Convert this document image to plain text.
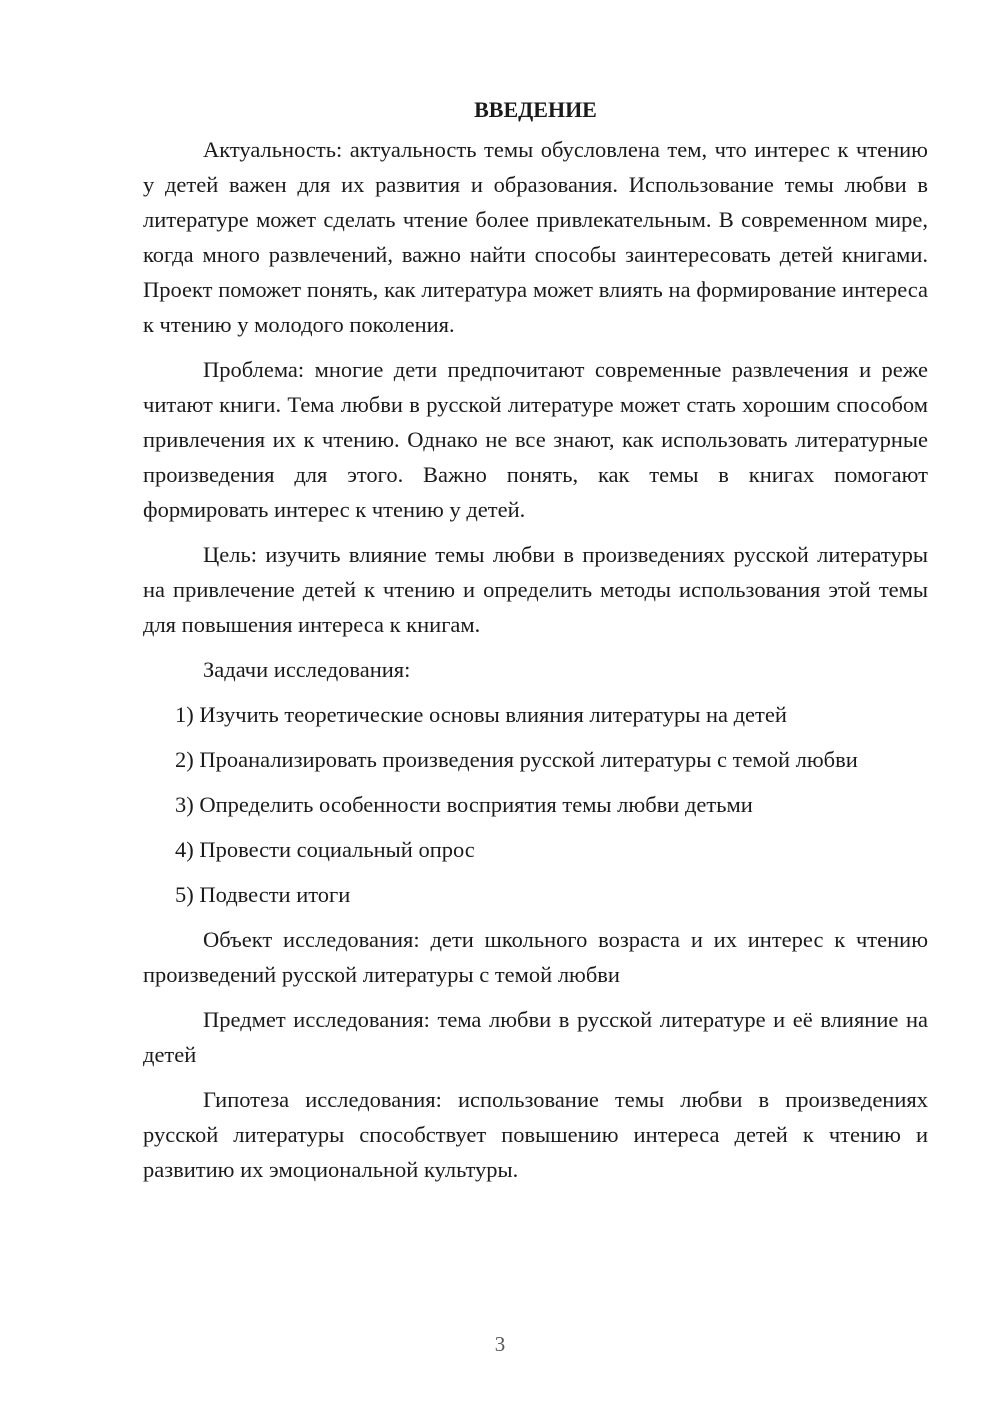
ВВЕДЕНИЕ

Актуальность: актуальность темы обусловлена тем, что интерес к чтению у детей важен для их развития и образования. Использование темы любви в литературе может сделать чтение более привлекательным. В современном мире, когда много развлечений, важно найти способы заинтересовать детей книгами. Проект поможет понять, как литература может влиять на формирование интереса к чтению у молодого поколения.

Проблема: многие дети предпочитают современные развлечения и реже читают книги. Тема любви в русской литературе может стать хорошим способом привлечения их к чтению. Однако не все знают, как использовать литературные произведения для этого. Важно понять, как темы в книгах помогают формировать интерес к чтению у детей.

Цель: изучить влияние темы любви в произведениях русской литературы на привлечение детей к чтению и определить методы использования этой темы для повышения интереса к книгам.

Задачи исследования:

1) Изучить теоретические основы влияния литературы на детей

2) Проанализировать произведения русской литературы с темой любви

3) Определить особенности восприятия темы любви детьми

4) Провести социальный опрос

5) Подвести итоги

Объект исследования: дети школьного возраста и их интерес к чтению произведений русской литературы с темой любви

Предмет исследования: тема любви в русской литературе и её влияние на детей

Гипотеза исследования: использование темы любви в произведениях русской литературы способствует повышению интереса детей к чтению и развитию их эмоциональной культуры.

3
